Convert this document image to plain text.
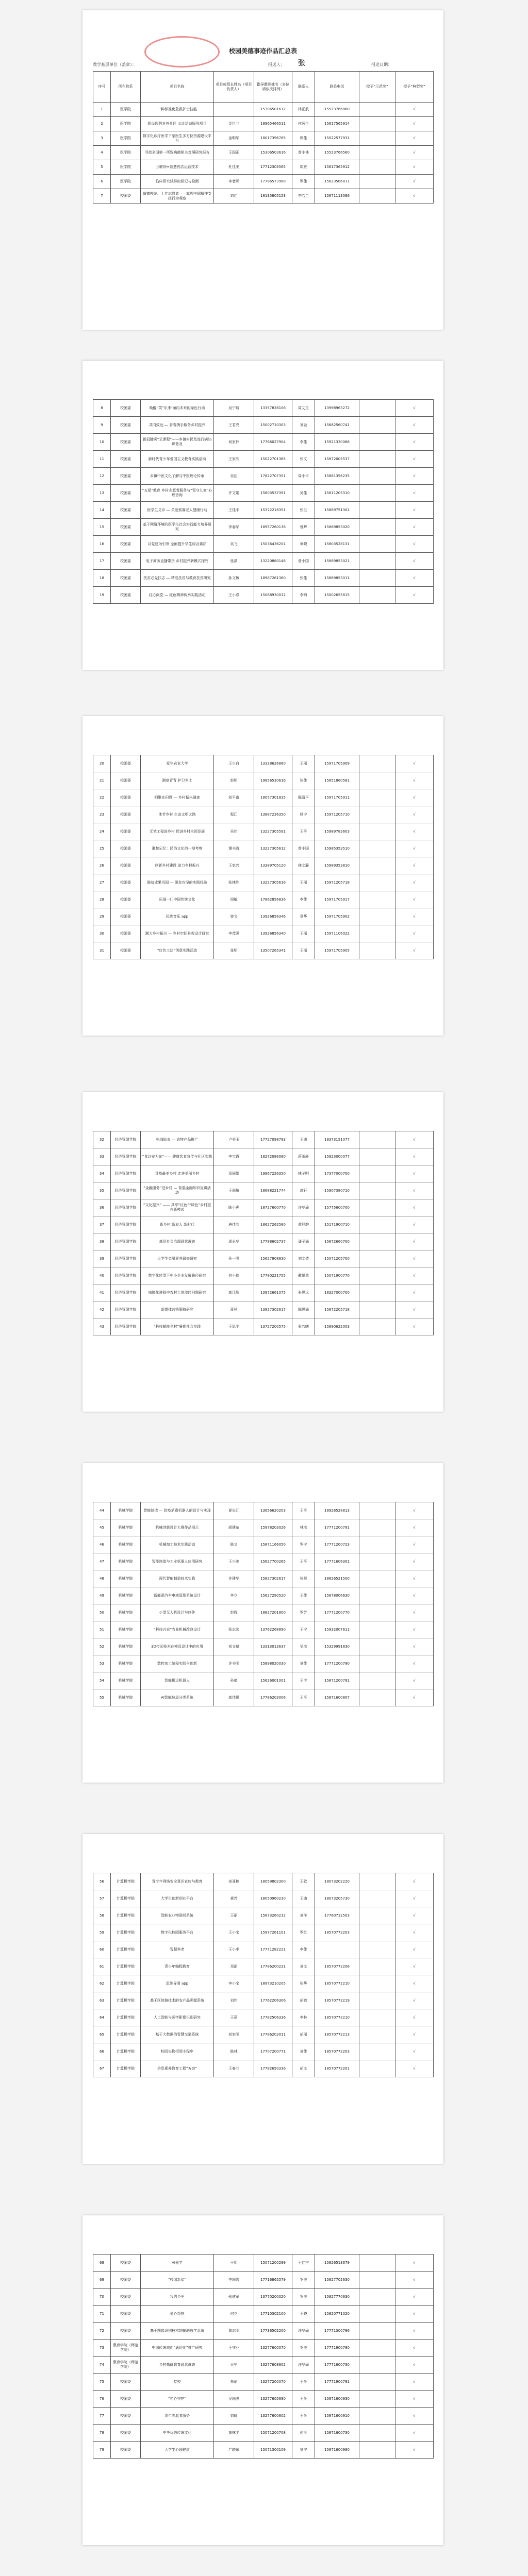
校园美德事迹作品汇总表
教学基层单位（盖章）：	报送人： 张	报送日期：
序号	所在院系	项目名称	项目或组长姓名（项目负责人）	指导教师姓名（多位请依次排列）	联系人	联系电话	授予“示范奖”	授予“典型奖”
1	医学院	一种标准化急救护士技能		15306501612	林正航	15523766860		√
2	医学院	附设医院对外社区 义诊活动服务项目	金世兰	18965466511	何医生	15617565914		√
3	医学院	数字化诊疗医学下室医生多方位资源建设平台	金明华	18017396765	郭佳	15022577931		√
4	医学院	寻找全国第一所致病菌相关对照研究报告	王国正	15306503616	曾小林	15523766560		√
5	医学院	互联网+智慧药店运营技术	杜佳美	17712303565	周贤	15617365912		√
6	医学院	临床研究试样的标记与检测	李老师	17786573988	罗佳	15623586811		√
7	校团委	道德模范、十佳志愿者——旗舰中国精神支援行为观察	刘佳	18135805153	李若兰	15671113086		√
8	校团委	唤醒“芙”乐来-面向未来的绿色行动	吴宁瑜	13357838106	周艾兰	13998963272		√
9	校团委	共同致远 — 青春携手服务乡村振兴	王君亮	15002710303	刘金	15682560741		√
10	校团委	新冠肺炎“云课程”——乡镇村民及流行病知识普及	何家伟	17766027904	李佳	15921330068		√
11	校团委	新时代青少年爱国主义教育实践活动	王家欣	15022701365	张文	15872005537		√
12	校团委	乡镇中医文化了解与中医理论传承	吴佳	17822707351	周小平	15881356235		√
13	校团委	“五爱”教育 乡村志愿者服务与“留守儿童”心理咨询	许文娟	15803537391	吴佳	15811205310		√
14	校团委	医学生义诊 — 关爱孤寡老人健康行动	王佳宇	15372218351	张兰	15889751301		√
15	校团委	基于网络环境的医学生社会实践能力培养研究	李春华	18957260136	曾辉	15889853020		√
16	校团委	以党建为引领 全面提升学生综合素质	吴飞	15036436201	章晓	15803528131		√
17	校团委	电子商务直播带货 乡村振兴新模式探究	张洪	13220880146	曾小国	15889853021		√
18	校团委	扶贫必先扶志 — 精准扶贫与教育扶贫研究	孙文敏	18987261360	张佳	15889853011		√
19	校团委	红心向党 — 红色精神传承实践活动	王小春	15068930032	李锦	15002655815		√
20	校团委	爱华农业大学	王少白	13328626860	王丽	15971705909		√
21	校团委	湘草青青 护卫乡土	赵明	19856530616	张佳	15651860581		√
22	校团委	相聚在田野 — 乡村振兴调查	刘平南	18057301835	陈清平	15971705911		√
23	校团委	沐芳乡村 生态文明之路	程江	13887236350	杨宁	15971205710		√
24	校团委	无笔工程进乡村 促进乡村全面发展	吴佳	13227305591	王平	15989783603		√
25	校团委	湘楚记忆：民俗文化的一项考察	谭书海	13227305612	曾小国	15985353510		√
26	校团委	以新乡村建设 助力乡村振兴	王家兴	13389705120	林文静	15989353810		√
27	校团委	脱贫成果巩固 — 脱贫攻坚的实践经验	张林胜	13227305616	王丽	15971205718		√
28	校团委	拓展一门中国传统文化	周敏	17862856836	李佳	15971705917		√
29	校团委	民族音乐 app	曾文	13926856346	章华	15971705902		√
30	校团委	湘大乡村振兴 — 乡村空间景观设计研究	李茂强	13926856340	王丽	15971106022		√
31	校团委	“红色工坊”创意实践活动	张明	13507265341	王丽	15971705905		√
32	经济管理学院	电商助农 — 农特产品推广	卢美玉	17727098793	王迪	18373151077		√
33	经济管理学院	“食以安为先”—— 健康饮食宣传与社区实践	李宝霞	18272086080	蒋雨轩	15923000077		√
34	经济管理学院	寻找最美乡村 走进美丽乡村	章丽娟	19967226350	林子明	17377000700		√
35	经济管理学院	“金融服务”进乡村 — 普惠金融知识宣讲活动	王丽敏	18688221774	高轩	15907380710		√
36	经济管理学院	“文化振兴” —— 共享“红色”“绿色”乡村振兴新模式	陈小虎	18727600770	许华瑜	15775600700		√
37	经济管理学院	新乡村 新农人 新时代	唐佳欣	18627262580	黄舒韵	15171900710		√
38	经济管理学院	基层社会治理现状调查	周永华	17788602737	潘子涵	15672660700		√
39	经济管理学院	大学生金融素养调查研究	孙一鸣	15627808830	刘文倩	15071205700		√
40	经济管理学院	数字化转型下中小企业发展路径研究	何小瑞	17780221755	戴悦然	15071900770		√
41	经济管理学院	城镇化进程中农村土地流转问题研究	高江辉	13972661075	张思远	18327000700		√
42	经济管理学院	新媒体营销策略研究	蒋秋	13827302617	陈思涵	15872205718		√
43	经济管理学院	“科技赋能乡村”暑期社会实践	王思宇	13727200575	张若曦	15890622003		√
44	机械学院	智能制造 — 防疫消毒机器人的设计与实现	夏长江	13656620203	王平	18926528813		√
45	机械学院	机械创新设计大赛作品展示	胡建东	15978203026	林杰	17771200791		√
46	机械学院	机械加工技术实践活动	陈文	15871166050	罗宁	17771200723		√
47	机械学院	智能制造与工业机器人应用研究	王少驰	15627700265	王平	17771606301		√
48	机械学院	现代智能制造技术实践	许建华	15827302617	张悦	18826521500		√
49	机械学院	新能源汽车电池管理系统设计	李立	15627290520	王佳	15878006630		√
50	机械学院	小型无人机设计与制作	赵辉	18827201800	罗芳	17771200770		√
51	机械学院	“科技兴农”农业机械改良设计	张志宏	13762268890	王宁	15932007611		√
52	机械学院	3D打印技术在模具设计中的应用	刘文斌	13313013637	吴杰	15329991830		√
53	机械学院	数控加工编程实践与创新	许书明	15898020030	刘佳	17771200790		√
54	机械学院	智能搬运机器人	孙倩	15626001001	王宇	15871200791		√
55	机械学院	AI智能垃圾分类系统	高佳鹏	17786203006	王平	15871600807		√
56	计算机学院	青少年网络安全意识宣传与教育	刘亚楠	18059802300	王欣	18073202220		√
57	计算机学院	大学生创新创业平台	黄若	18050960230	王迪	18073205730		√
58	计算机学院	智能农业物联网系统	王丽	15873260212	刘洋	17760712503		√
59	计算机学院	数字化校园服务平台	王小宝	15977261101	罗红	18570772203		√
60	计算机学院	智慧养老	王小孝	17771282221	李佳			√
61	计算机学院	青少年编程教育	邓丽	17786200231	刘文	18570772206		√
62	计算机学院	思维导图 app	李小宝	18973210205	张华	18570772210		√
63	计算机学院	基于区块链技术的农产品溯源系统	刘伟	17762206306	胡敏	18570772219		√
64	计算机学院	人工智能与医学影像识别研究	王蓓	17782506336	李林	18570772210		√
65	计算机学院	基于大数据的智慧交通系统	刘家明	17786203011	胡丽	18570772213		√
66	计算机学院	校园失物招领小程序	陈林	17707200771	刘佳	18570772203		√
67	计算机学院	信息素养教育工程“五进”	王春兰	17782650336	胡文	18570772201		√
68	校团委	AI先学	于明	15071200299	王佳宁	15826513679		√
69	校团委	“校园新星”	李国宏	17716865579	罗美	15827702630		√
70	校团委	我的乡里	张建军	13770200020	罗美	15827770630		√
71	校团委	爱心帮扶	何立	17710302100	王晓	15820771020		√
72	校团委	基于图像识别技术的辅助教学系统	黄志明	17736502200	许华瑜	17771300796		√
73	教育学院（师范学院）	中国传统戏曲“通俗化”推广研究	王守业	13277600070	罗美	17771900780		√
74	教育学院（师范学院）	乡村基础教育现状调查	吴宁	13277608602	许华瑜	17771600730		√
75	校团委	党校	朱丽	13277200070	王冬	17771900791		√
76	校团委	“初心守护”	吴国强	13277605690	王冬	15871600930		√
77	校团委	青年志愿者服务	刘虹	13277600602	王冬	15871600910		√
78	校团委	中华优秀传统文化	黄林平	15071200708	何平	15871600730		√
79	校团委	大学生心理健康	严晓东	15071300109	刘宁	15871600980		√
